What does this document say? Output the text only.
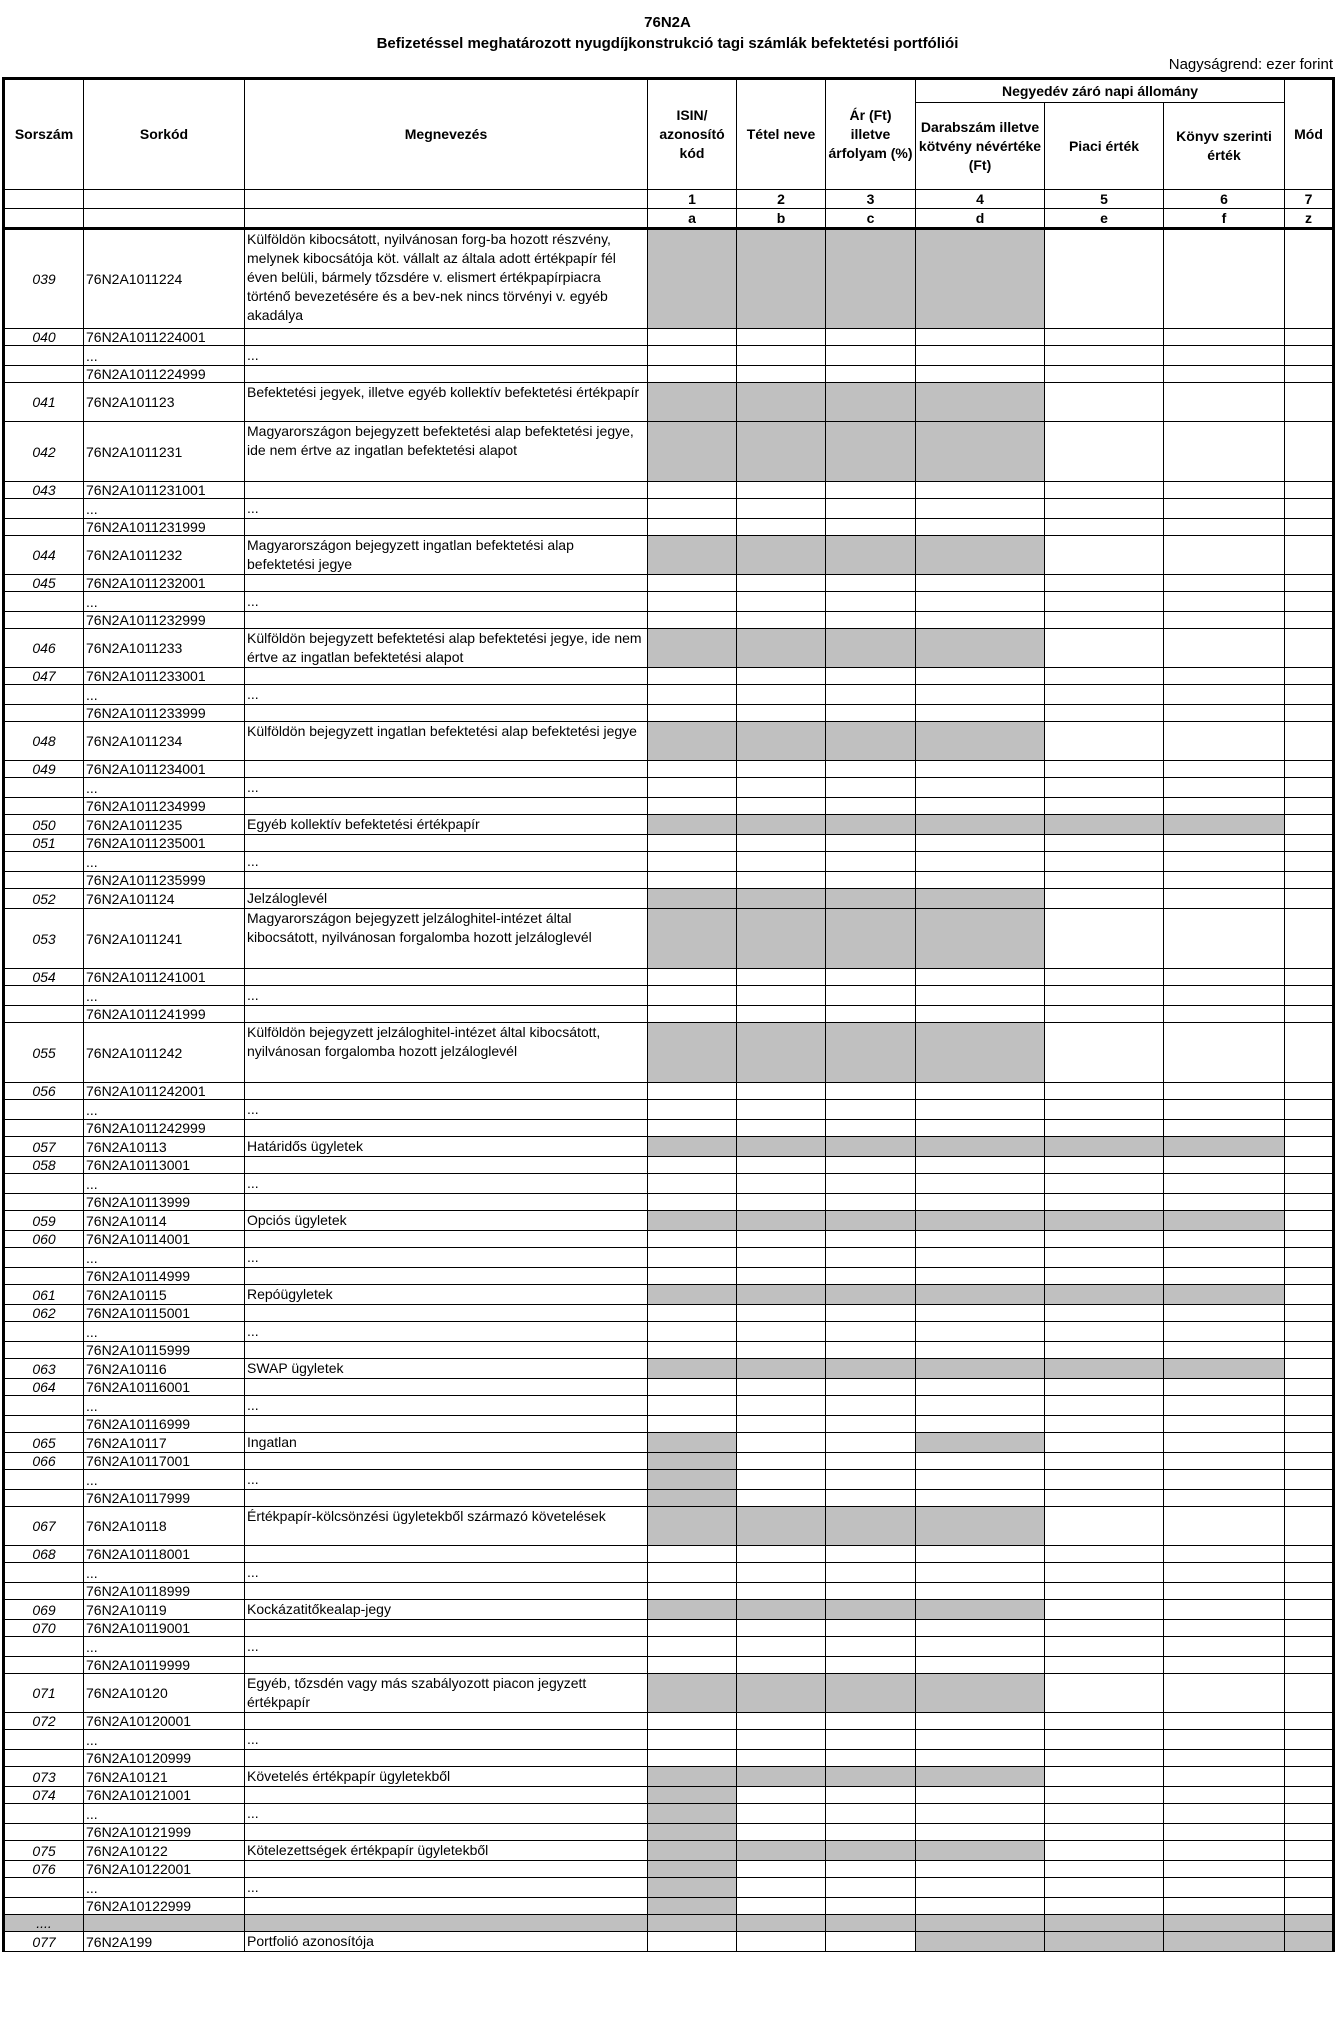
76N2A
Befizetéssel meghatározott nyugdíjkonstrukció tagi számlák befektetési portfóliói
Nagyságrend: ezer forint
Sorszám	Sorkód	Megnevezés	ISIN/ azonosító kód	Tétel neve	Ár (Ft) illetve árfolyam (%)	Negyedév záró napi állomány			Mód
						Darabszám illetve kötvény névértéke (Ft)	Piaci érték	Könyv szerinti érték	
			1	2	3	4	5	6	7
			a	b	c	d	e	f	z
039	76N2A1011224	Külföldön kibocsátott, nyilvánosan forg-ba hozott részvény, melynek kibocsátója köt. vállalt az általa adott értékpapír fél éven belüli, bármely tőzsdére v. elismert értékpapírpiacra történő bevezetésére és a bev-nek nincs törvényi v. egyéb akadálya							
040	76N2A1011224001								
	...	...							
	76N2A1011224999								
041	76N2A101123	Befektetési jegyek, illetve egyéb kollektív befektetési értékpapír							
042	76N2A1011231	Magyarországon bejegyzett befektetési alap befektetési jegye, ide nem értve az ingatlan befektetési alapot							
043	76N2A1011231001								
	...	...							
	76N2A1011231999								
044	76N2A1011232	Magyarországon bejegyzett ingatlan befektetési alap befektetési jegye							
045	76N2A1011232001								
	...	...							
	76N2A1011232999								
046	76N2A1011233	Külföldön bejegyzett befektetési alap befektetési jegye, ide nem értve az ingatlan befektetési alapot							
047	76N2A1011233001								
	...	...							
	76N2A1011233999								
048	76N2A1011234	Külföldön bejegyzett ingatlan befektetési alap befektetési jegye							
049	76N2A1011234001								
	...	...							
	76N2A1011234999								
050	76N2A1011235	Egyéb kollektív befektetési értékpapír							
051	76N2A1011235001								
	...	...							
	76N2A1011235999								
052	76N2A101124	Jelzáloglevél							
053	76N2A1011241	Magyarországon bejegyzett jelzáloghitel-intézet által kibocsátott, nyilvánosan forgalomba hozott jelzáloglevél							
054	76N2A1011241001								
	...	...							
	76N2A1011241999								
055	76N2A1011242	Külföldön bejegyzett jelzáloghitel-intézet által kibocsátott, nyilvánosan forgalomba hozott jelzáloglevél							
056	76N2A1011242001								
	...	...							
	76N2A1011242999								
057	76N2A10113	Határidős ügyletek							
058	76N2A10113001								
	...	...							
	76N2A10113999								
059	76N2A10114	Opciós ügyletek							
060	76N2A10114001								
	...	...							
	76N2A10114999								
061	76N2A10115	Repóügyletek							
062	76N2A10115001								
	...	...							
	76N2A10115999								
063	76N2A10116	SWAP ügyletek							
064	76N2A10116001								
	...	...							
	76N2A10116999								
065	76N2A10117	Ingatlan							
066	76N2A10117001								
	...	...							
	76N2A10117999								
067	76N2A10118	Értékpapír-kölcsönzési ügyletekből származó követelések							
068	76N2A10118001								
	...	...							
	76N2A10118999								
069	76N2A10119	Kockázatitőkealap-jegy							
070	76N2A10119001								
	...	...							
	76N2A10119999								
071	76N2A10120	Egyéb, tőzsdén vagy más szabályozott piacon jegyzett értékpapír							
072	76N2A10120001								
	...	...							
	76N2A10120999								
073	76N2A10121	Követelés értékpapír ügyletekből							
074	76N2A10121001								
	...	...							
	76N2A10121999								
075	76N2A10122	Kötelezettségek értékpapír ügyletekből							
076	76N2A10122001								
	...	...							
	76N2A10122999								
....									
077	76N2A199	Portfolió azonosítója							
